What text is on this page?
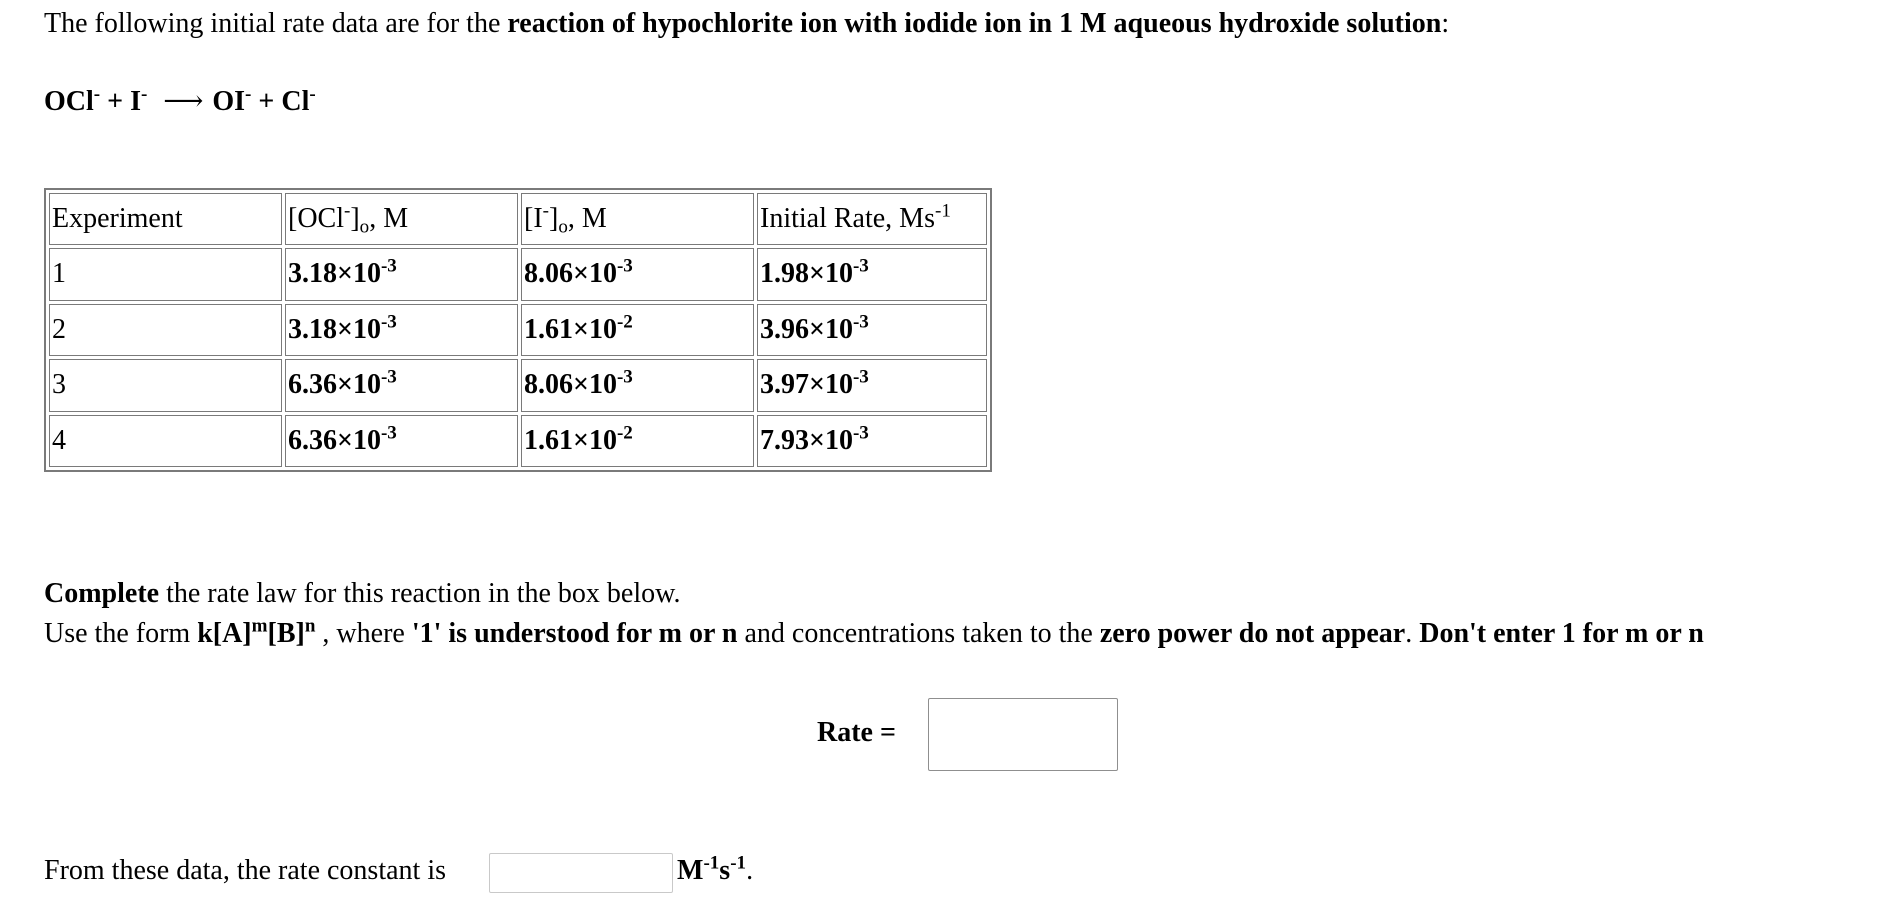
The following initial rate data are for the reaction of hypochlorite ion with iodide ion in 1 M aqueous hydroxide solution:
OCl- + I- ⟶ OI- + Cl-
Experiment	$[OCl^-]_o$, M	$[I^-]_o$, M	Initial Rate, $Ms^{-1}$
1	$3.18\times 10^{-3}$	$8.06\times 10^{-3}$	$1.98\times 10^{-3}$
2	$3.18\times 10^{-3}$	$1.61\times 10^{-2}$	$3.96\times 10^{-3}$
3	$6.36\times 10^{-3}$	$8.06\times 10^{-3}$	$3.97\times 10^{-3}$
4	$6.36\times 10^{-3}$	$1.61\times 10^{-2}$	$7.93\times 10^{-3}$
Complete the rate law for this reaction in the box below.
Use the form $k[A]^m[B]^n$ , where '1' is understood for m or n and concentrations taken to the zero power do not appear. Don't enter 1 for m or n
Rate =
From these data, the rate constant is	$M^{-1}s^{-1}$.
